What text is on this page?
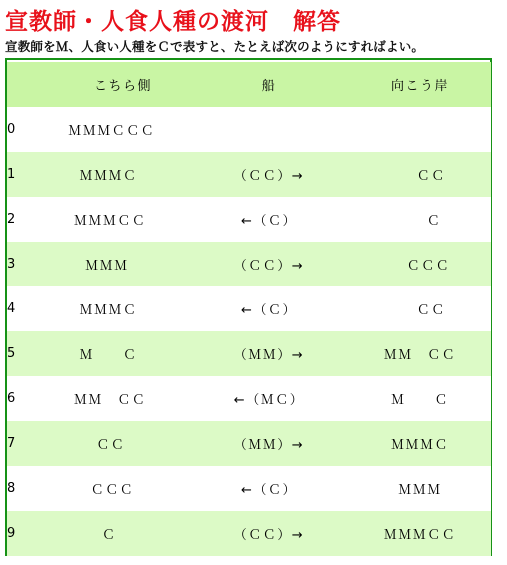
宣教師・人食人種の渡河　解答
宣教師をＭ、人食い人種をＣで表すと、たとえば次のようにすればよい。
	こちら側	船	向こう岸
0	ＭＭＭＣＣＣ		
1	ＭＭＭＣ	（ＣＣ）→	ＣＣ
2	ＭＭＭＣＣ	←（Ｃ）	Ｃ
3	ＭＭＭ	（ＣＣ）→	ＣＣＣ
4	ＭＭＭＣ	←（Ｃ）	ＣＣ
5	Ｍ　　Ｃ	（ＭＭ）→	ＭＭ　ＣＣ
6	ＭＭ　ＣＣ	←（ＭＣ）	Ｍ　　Ｃ
7	ＣＣ	（ＭＭ）→	ＭＭＭＣ
8	ＣＣＣ	←（Ｃ）	ＭＭＭ
9	Ｃ	（ＣＣ）→	ＭＭＭＣＣ
